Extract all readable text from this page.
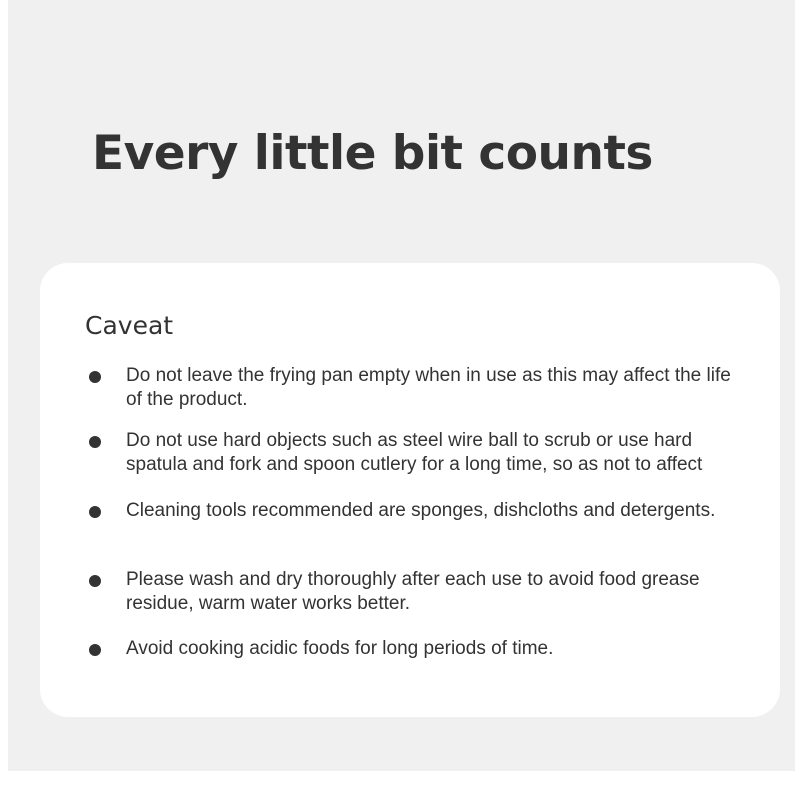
Every little bit counts
Caveat
Do not leave the frying pan empty when in use as this may affect the life of the product.
Do not use hard objects such as steel wire ball to scrub or use hard spatula and fork and spoon cutlery for a long time, so as not to affect
Cleaning tools recommended are sponges, dishcloths and detergents.
Please wash and dry thoroughly after each use to avoid food grease residue, warm water works better.
Avoid cooking acidic foods for long periods of time.
